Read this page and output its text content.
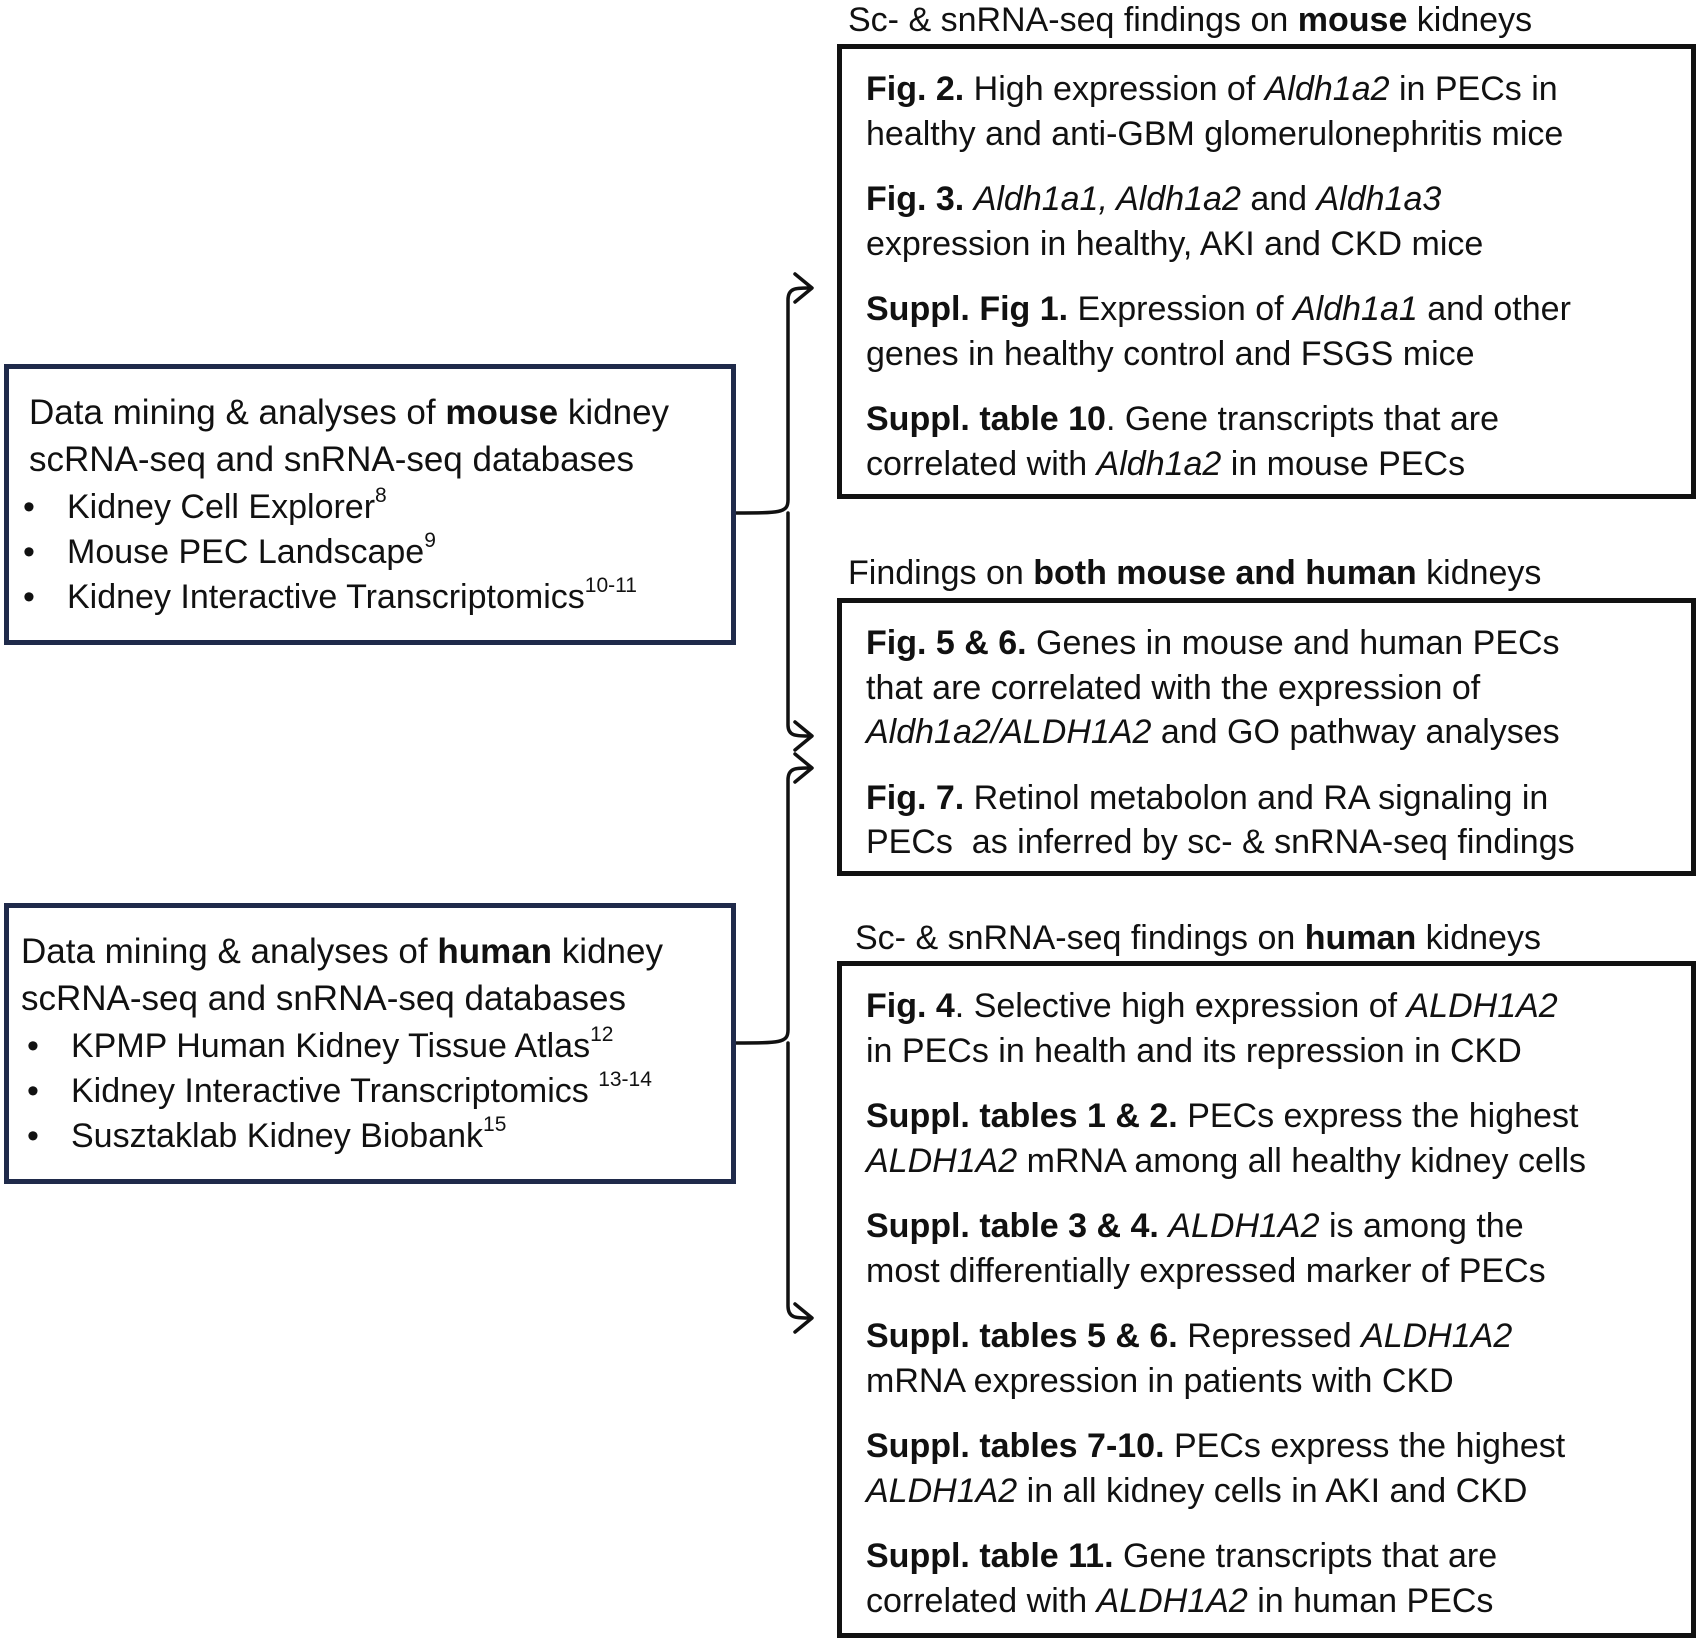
Data mining & analyses of mouse kidney
scRNA-seq and snRNA-seq databases
• Kidney Cell Explorer$^8$
• Mouse PEC Landscape$^9$
• Kidney Interactive Transcriptomics$^{10-11}$
Data mining & analyses of human kidney
scRNA-seq and snRNA-seq databases
• KPMP Human Kidney Tissue Atlas$^{12}$
• Kidney Interactive Transcriptomics $^{13-14}$
• Susztaklab Kidney Biobank$^{15}$
Sc- & snRNA-seq findings on mouse kidneys
Fig. 2. High expression of Aldh1a2 in PECs in
healthy and anti-GBM glomerulonephritis mice
Fig. 3. Aldh1a1, Aldh1a2 and Aldh1a3
expression in healthy, AKI and CKD mice
Suppl. Fig 1. Expression of Aldh1a1 and other
genes in healthy control and FSGS mice
Suppl. table 10. Gene transcripts that are
correlated with Aldh1a2 in mouse PECs
Findings on both mouse and human kidneys
Fig. 5 & 6. Genes in mouse and human PECs
that are correlated with the expression of
Aldh1a2/ALDH1A2 and GO pathway analyses
Fig. 7. Retinol metabolon and RA signaling in
PECs  as inferred by sc- & snRNA-seq findings
Sc- & snRNA-seq findings on human kidneys
Fig. 4. Selective high expression of ALDH1A2
in PECs in health and its repression in CKD
Suppl. tables 1 & 2. PECs express the highest
ALDH1A2 mRNA among all healthy kidney cells
Suppl. table 3 & 4. ALDH1A2 is among the
most differentially expressed marker of PECs
Suppl. tables 5 & 6. Repressed ALDH1A2
mRNA expression in patients with CKD
Suppl. tables 7-10. PECs express the highest
ALDH1A2 in all kidney cells in AKI and CKD
Suppl. table 11. Gene transcripts that are
correlated with ALDH1A2 in human PECs
